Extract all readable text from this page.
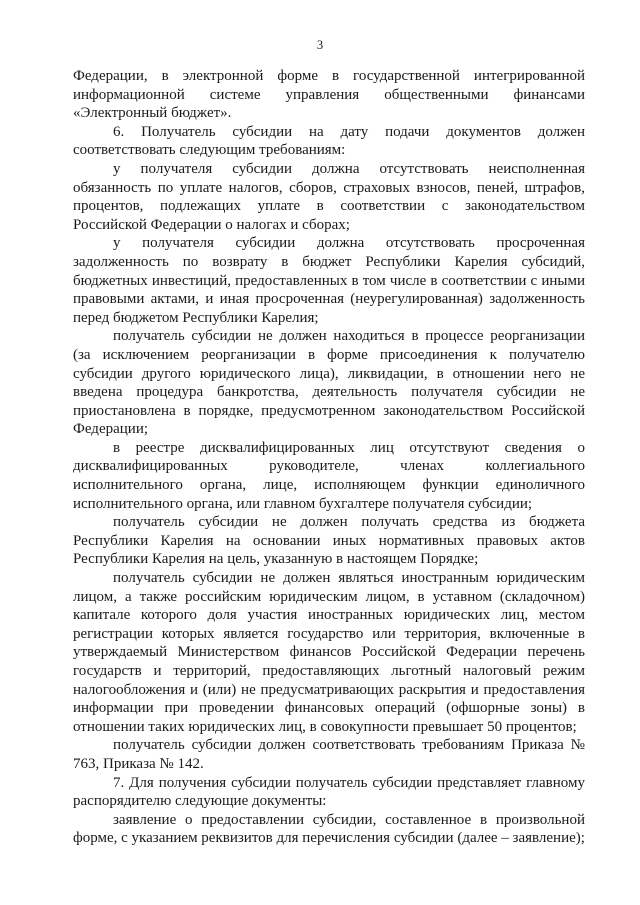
3

Федерации, в электронной форме в государственной интегрированной информационной системе управления общественными финансами «Электронный бюджет».

6. Получатель субсидии на дату подачи документов должен соответствовать следующим требованиям:

у получателя субсидии должна отсутствовать неисполненная обязанность по уплате налогов, сборов, страховых взносов, пеней, штрафов, процентов, подлежащих уплате в соответствии с законодательством Российской Федерации о налогах и сборах;

у получателя субсидии должна отсутствовать просроченная задолженность по возврату в бюджет Республики Карелия субсидий, бюджетных инвестиций, предоставленных в том числе в соответствии с иными правовыми актами, и иная просроченная (неурегулированная) задолженность перед бюджетом Республики Карелия;

получатель субсидии не должен находиться в процессе реорганизации (за исключением реорганизации в форме присоединения к получателю субсидии другого юридического лица), ликвидации, в отношении него не введена процедура банкротства, деятельность получателя субсидии не приостановлена в порядке, предусмотренном законодательством Российской Федерации;

в реестре дисквалифицированных лиц отсутствуют сведения о дисквалифицированных руководителе, членах коллегиального исполнительного органа, лице, исполняющем функции единоличного исполнительного органа, или главном бухгалтере получателя субсидии;

получатель субсидии не должен получать средства из бюджета Республики Карелия на основании иных нормативных правовых актов Республики Карелия на цель, указанную в настоящем Порядке;

получатель субсидии не должен являться иностранным юридическим лицом, а также российским юридическим лицом, в уставном (складочном) капитале которого доля участия иностранных юридических лиц, местом регистрации которых является государство или территория, включенные в утверждаемый Министерством финансов Российской Федерации перечень государств и территорий, предоставляющих льготный налоговый режим налогообложения и (или) не предусматривающих раскрытия и предоставления информации при проведении финансовых операций (офшорные зоны) в отношении таких юридических лиц, в совокупности превышает 50 процентов;

получатель субсидии должен соответствовать требованиям Приказа № 763, Приказа № 142.

7. Для получения субсидии получатель субсидии представляет главному распорядителю следующие документы:

заявление о предоставлении субсидии, составленное в произвольной форме, с указанием реквизитов для перечисления субсидии (далее – заявление);
